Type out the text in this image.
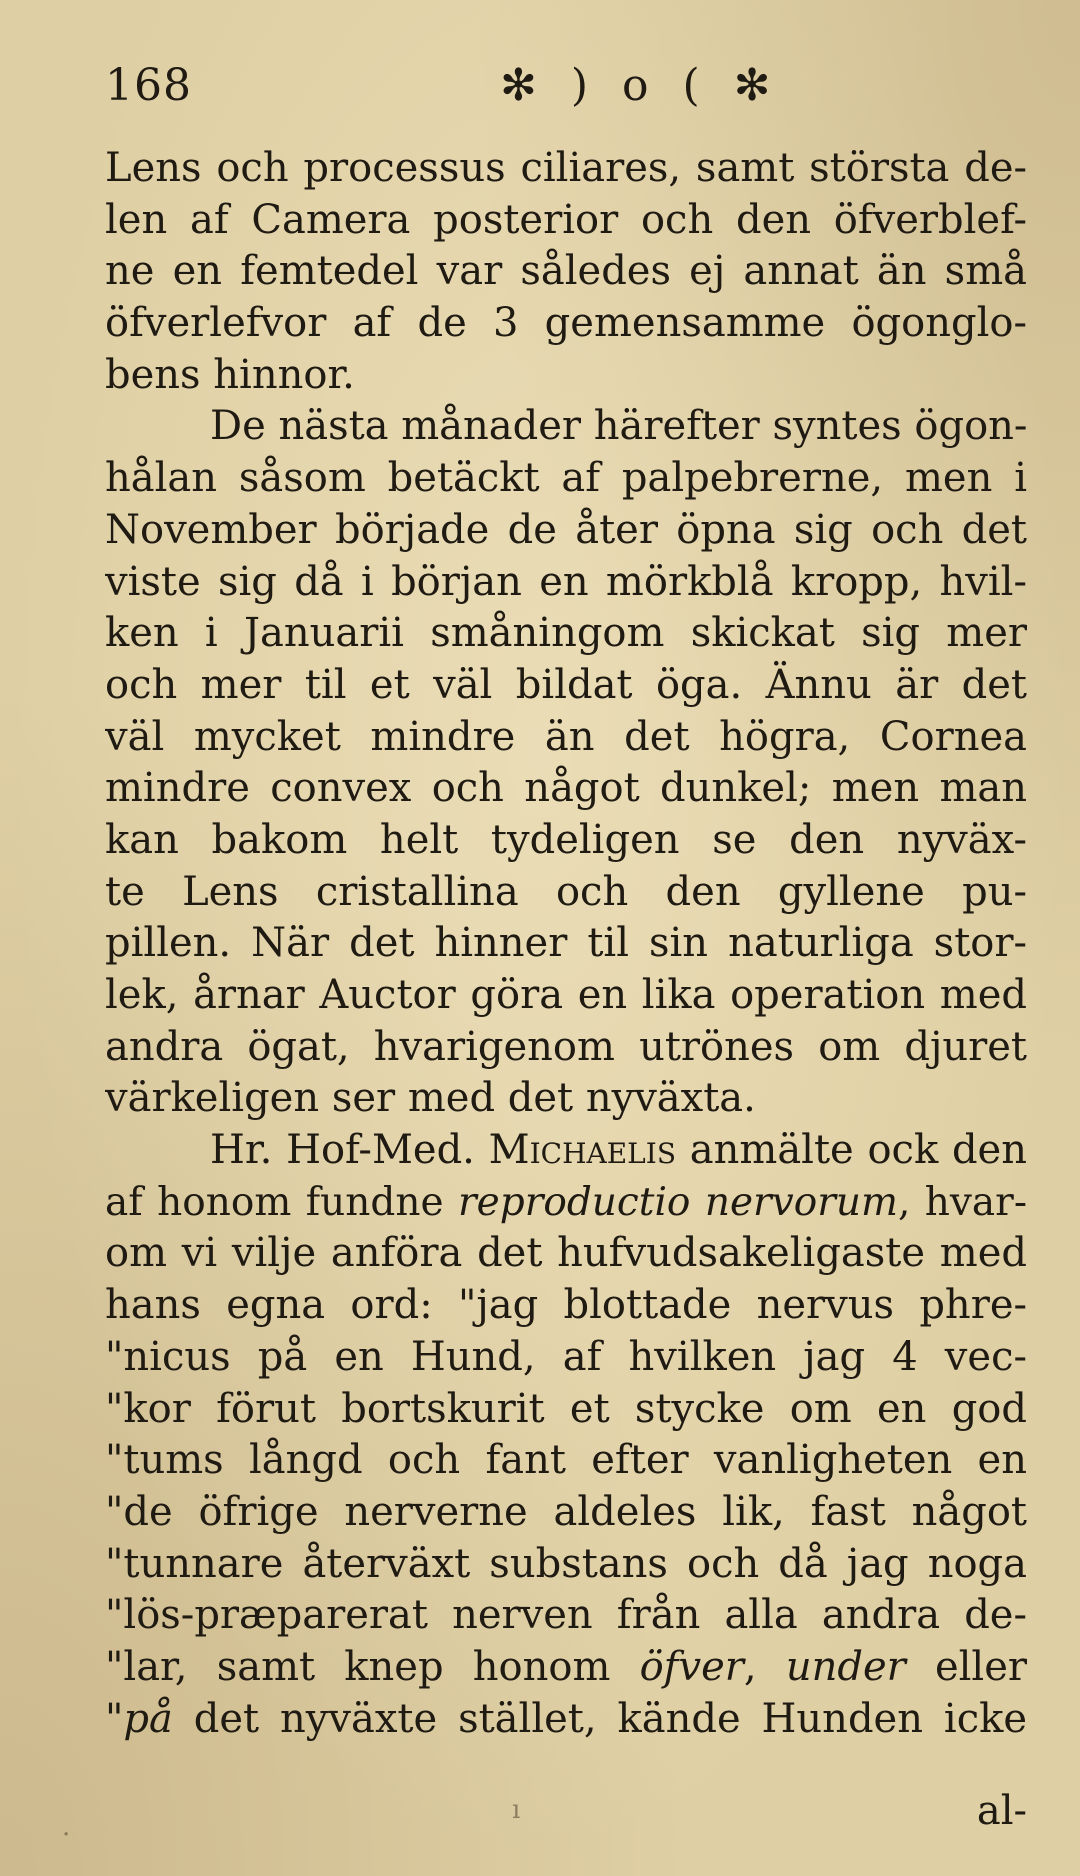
168	✻ ) o ( ✻
Lens och processus ciliares, samt största de-
len af Camera posterior och den öfverblef-
ne en femtedel var således ej annat än små
öfverlefvor af de 3 gemensamme ögonglo-
bens hinnor.
De nästa månader härefter syntes ögon-
hålan såsom betäckt af palpebrerne, men i
November började de åter öpna sig och det
viste sig då i början en mörkblå kropp, hvil-
ken i Januarii småningom skickat sig mer
och mer til et väl bildat öga. Ännu är det
väl mycket mindre än det högra, Cornea
mindre convex och något dunkel; men man
kan bakom helt tydeligen se den nyväx-
te Lens cristallina och den gyllene pu-
pillen. När det hinner til sin naturliga stor-
lek, årnar Auctor göra en lika operation med
andra ögat, hvarigenom utrönes om djuret
värkeligen ser med det nyväxta.
Hr. Hof-Med. Michaelis anmälte ock den
af honom fundne reproductio nervorum, hvar-
om vi vilje anföra det hufvudsakeligaste med
hans egna ord: "jag blottade nervus phre-
"nicus på en Hund, af hvilken jag 4 vec-
"kor förut bortskurit et stycke om en god
"tums långd och fant efter vanligheten en
"de öfrige nerverne aldeles lik, fast något
"tunnare återväxt substans och då jag noga
"lös-præparerat nerven från alla andra de-
"lar, samt knep honom öfver, under eller
"på det nyväxte stället, kände Hunden icke
al-
ı
·
